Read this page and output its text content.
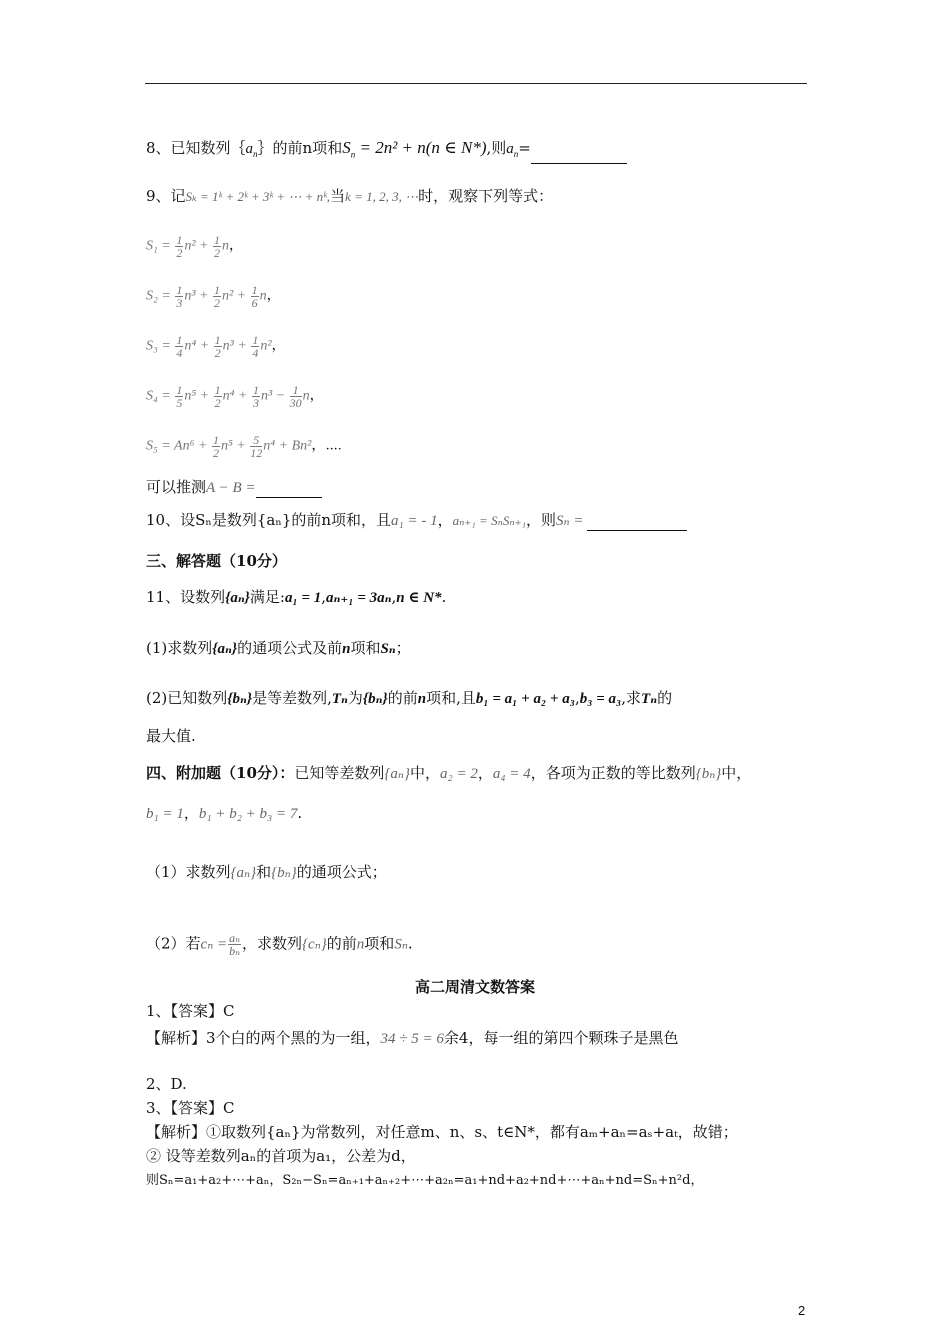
8、已知数列$\{a_n\}$的前n项和$S_n = 2n^2 + n(n$ ∈ N*),则$a_n=$
9、记Sₖ = 1ᵏ + 2ᵏ + 3ᵏ + ⋯ + nᵏ,当k = 1, 2, 3, ⋯时，观察下列等式：
$S_1 = \frac{1}{2} n^2 + \frac{1}{2}$ n，
$S_2 = \frac{1}{3} n^3 + \frac{1}{2} n^2 + \frac{1}{6}$ n，
$S_3 = \frac{1}{4} n^4 + \frac{1}{2} n^3 + \frac{1}{4} n^2$，
$S_4 = \frac{1}{5} n^5 + \frac{1}{2} n^4 + \frac{1}{3} n^3 - \frac{1}{30}$ n，
$S_5 = An^6 + \frac{1}{2} n^5 + \frac{5}{12} n^4 + Bn^2$，⋯.
可以推测A − B =
10、设Sₙ是数列{aₙ}的前n项和，且a₁ = - 1，aₙ₊₁ = SₙSₙ₊₁，则Sₙ =
三、解答题（10分）
11、设数列{aₙ}满足:a₁ = 1,aₙ₊₁ = 3aₙ,n ∈ N*.
(1)求数列{aₙ}的通项公式及前n项和Sₙ；
(2)已知数列{bₙ}是等差数列,Tₙ为{bₙ}的前n项和,且b₁ = a₁ + a₂ + a₃,b₃ = a₃,求Tₙ的
最大值.
四、附加题（10分）：已知等差数列{aₙ}中，a₂ = 2，a₄ = 4，各项为正数的等比数列{bₙ}中，
b₁ = 1，b₁ + b₂ + b₃ = 7.
（1）求数列{aₙ}和{bₙ}的通项公式；
（2）若$c_n = \frac{\text{aₙ}}{\text{bₙ}}$ ，求数列{cₙ}的前n项和Sₙ.
高二周清文数答案
1、【答案】C
【解析】3个白的两个黑的为一组，34 ÷ 5 = 6余4，每一组的第四个颗珠子是黑色
2、D.
3、【答案】C
【解析】①取数列{aₙ}为常数列，对任意m、n、s、t∈N*，都有aₘ+aₙ=aₛ+aₜ，故错；
② 设等差数列aₙ的首项为a₁，公差为d，
则Sₙ=a₁+a₂+⋯+aₙ，S₂ₙ−Sₙ=aₙ₊₁+aₙ₊₂+⋯+a₂ₙ=a₁+nd+a₂+nd+⋯+aₙ+nd=Sₙ+n²d，
2
